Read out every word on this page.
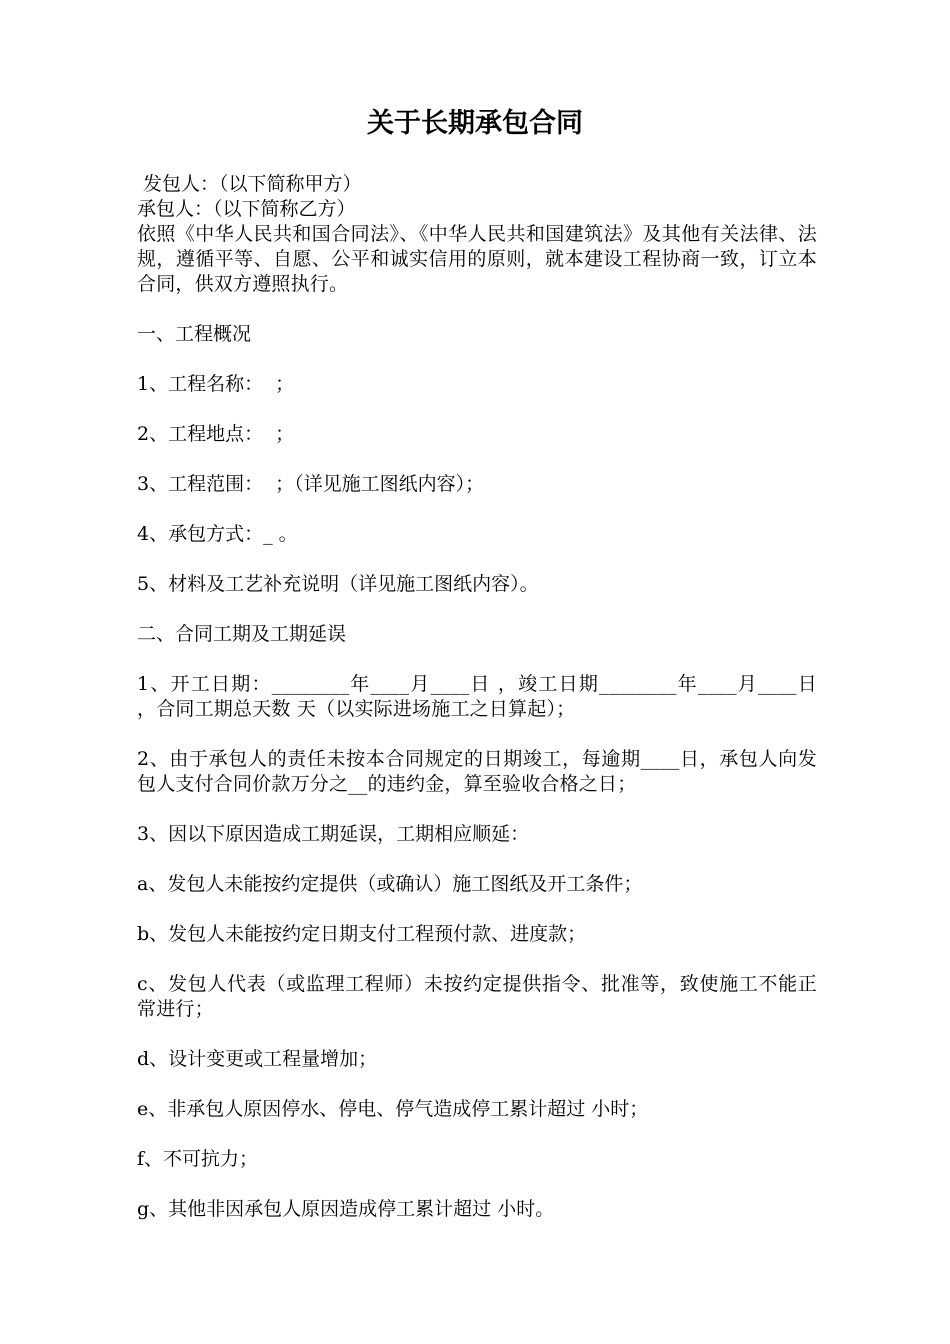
关于长期承包合同

发包人：（以下简称甲方）

承包人：（以下简称乙方）

依照《中华人民共和国合同法》、《中华人民共和国建筑法》及其他有关法律、法规，遵循平等、自愿、公平和诚实信用的原则，就本建设工程协商一致，订立本合同，供双方遵照执行。

一、工程概况

1、工程名称：  ；

2、工程地点：  ；

3、工程范围：  ；（详见施工图纸内容）；

4、承包方式：_ 。

5、材料及工艺补充说明（详见施工图纸内容）。

二、合同工期及工期延误

1、开工日期：________年____月____日 ，竣工日期________年____月____日 ，合同工期总天数 天（以实际进场施工之日算起）；

2、由于承包人的责任未按本合同规定的日期竣工，每逾期____日，承包人向发包人支付合同价款万分之__的违约金，算至验收合格之日；

3、因以下原因造成工期延误，工期相应顺延：

a、发包人未能按约定提供（或确认）施工图纸及开工条件；

b、发包人未能按约定日期支付工程预付款、进度款；

c、发包人代表（或监理工程师）未按约定提供指令、批准等，致使施工不能正常进行；

d、设计变更或工程量增加；

e、非承包人原因停水、停电、停气造成停工累计超过 小时；

f、不可抗力；

g、其他非因承包人原因造成停工累计超过 小时。
